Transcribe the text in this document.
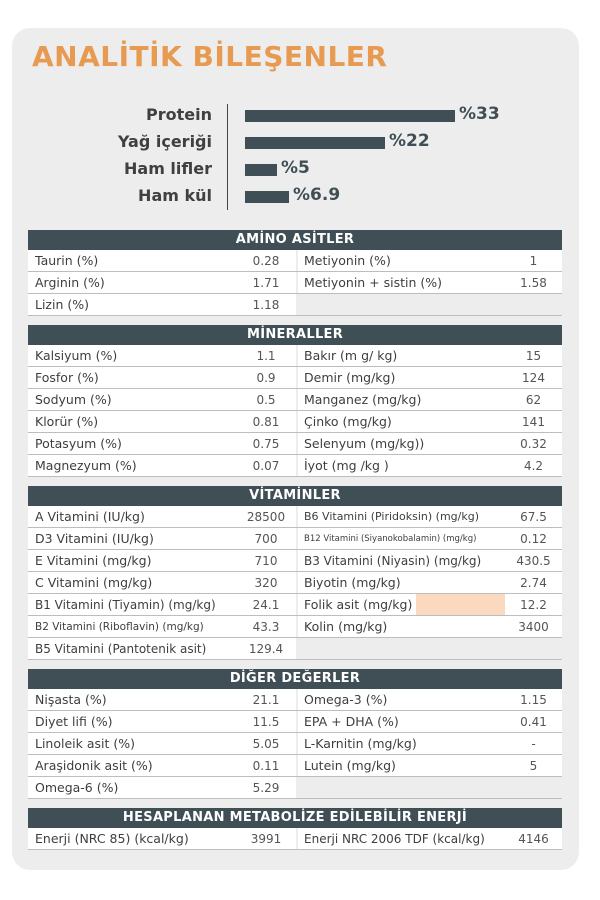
ANALİTİK BİLEŞENLER
Protein	%33
Yağ içeriği	%22
Ham lifler	%5
Ham kül	%6.9
AMİNO ASİTLER
Taurin (%)	0.28	Metiyonin (%)	1
Arginin (%)	1.71	Metiyonin + sistin (%)	1.58
Lizin (%)	1.18
MİNERALLER
Kalsiyum (%)	1.1	Bakır (m g/ kg)	15
Fosfor (%)	0.9	Demir (mg/kg)	124
Sodyum (%)	0.5	Manganez (mg/kg)	62
Klorür (%)	0.81	Çinko (mg/kg)	141
Potasyum (%)	0.75	Selenyum (mg/kg))	0.32
Magnezyum (%)	0.07	İyot (mg /kg )	4.2
VİTAMİNLER
A Vitamini (IU/kg)	28500	B6 Vitamini (Piridoksin) (mg/kg)	67.5
D3 Vitamini (IU/kg)	700	B12 Vitamini (Siyanokobalamin) (mg/kg)	0.12
E Vitamini (mg/kg)	710	B3 Vitamini (Niyasin) (mg/kg)	430.5
C Vitamini (mg/kg)	320	Biyotin (mg/kg)	2.74
B1 Vitamini (Tiyamin) (mg/kg)	24.1	Folik asit (mg/kg)	12.2
B2 Vitamini (Riboflavin) (mg/kg)	43.3	Kolin (mg/kg)	3400
B5 Vitamini (Pantotenik asit)	129.4
DİĞER DEĞERLER
Nişasta (%)	21.1	Omega-3 (%)	1.15
Diyet lifi (%)	11.5	EPA + DHA (%)	0.41
Linoleik asit (%)	5.05	L-Karnitin (mg/kg)	-
Araşidonik asit (%)	0.11	Lutein (mg/kg)	5
Omega-6 (%)	5.29
HESAPLANAN METABOLİZE EDİLEBİLİR ENERJİ
Enerji (NRC 85) (kcal/kg)	3991	Enerji NRC 2006 TDF (kcal/kg)	4146
